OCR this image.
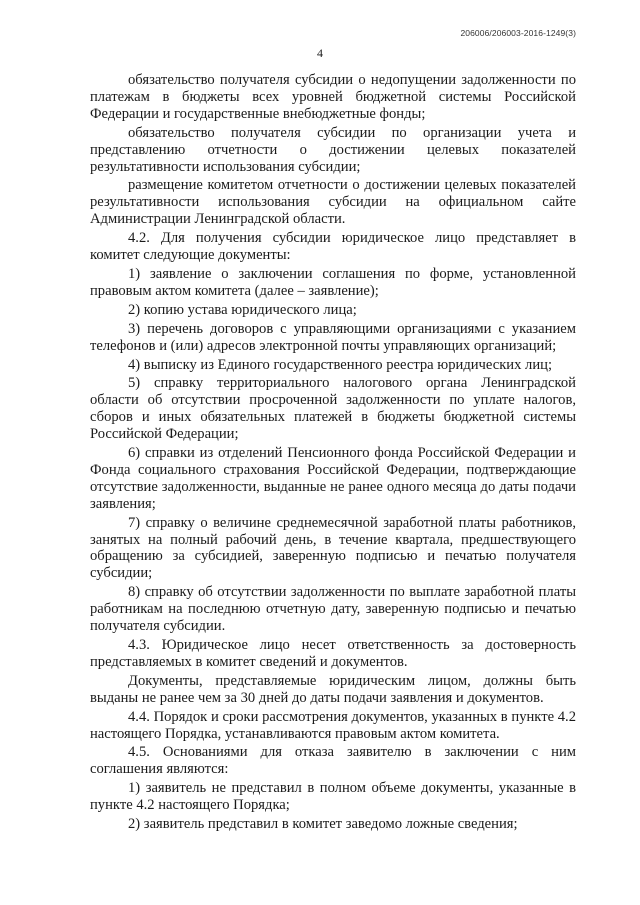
206006/206003-2016-1249(3)
4

обязательство получателя субсидии о недопущении задолженности по платежам в бюджеты всех уровней бюджетной системы Российской Федерации и государственные внебюджетные фонды;

обязательство получателя субсидии по организации учета и представлению отчетности о достижении целевых показателей результативности использования субсидии;

размещение комитетом отчетности о достижении целевых показателей результативности использования субсидии на официальном сайте Администрации Ленинградской области.

4.2. Для получения субсидии юридическое лицо представляет в комитет следующие документы:

1) заявление о заключении соглашения по форме, установленной правовым актом комитета (далее – заявление);

2) копию устава юридического лица;

3) перечень договоров с управляющими организациями с указанием телефонов и (или) адресов электронной почты управляющих организаций;

4) выписку из Единого государственного реестра юридических лиц;

5) справку территориального налогового органа Ленинградской области об отсутствии просроченной задолженности по уплате налогов, сборов и иных обязательных платежей в бюджеты бюджетной системы Российской Федерации;

6) справки из отделений Пенсионного фонда Российской Федерации и Фонда социального страхования Российской Федерации, подтверждающие отсутствие задолженности, выданные не ранее одного месяца до даты подачи заявления;

7) справку о величине среднемесячной заработной платы работников, занятых на полный рабочий день, в течение квартала, предшествующего обращению за субсидией, заверенную подписью и печатью получателя субсидии;

8) справку об отсутствии задолженности по выплате заработной платы работникам на последнюю отчетную дату, заверенную подписью и печатью получателя субсидии.

4.3. Юридическое лицо несет ответственность за достоверность представляемых в комитет сведений и документов.

Документы, представляемые юридическим лицом, должны быть выданы не ранее чем за 30 дней до даты подачи заявления и документов.

4.4. Порядок и сроки рассмотрения документов, указанных в пункте 4.2 настоящего Порядка, устанавливаются правовым актом комитета.

4.5. Основаниями для отказа заявителю в заключении с ним соглашения являются:

1) заявитель не представил в полном объеме документы, указанные в пункте 4.2 настоящего Порядка;

2) заявитель представил в комитет заведомо ложные сведения;
